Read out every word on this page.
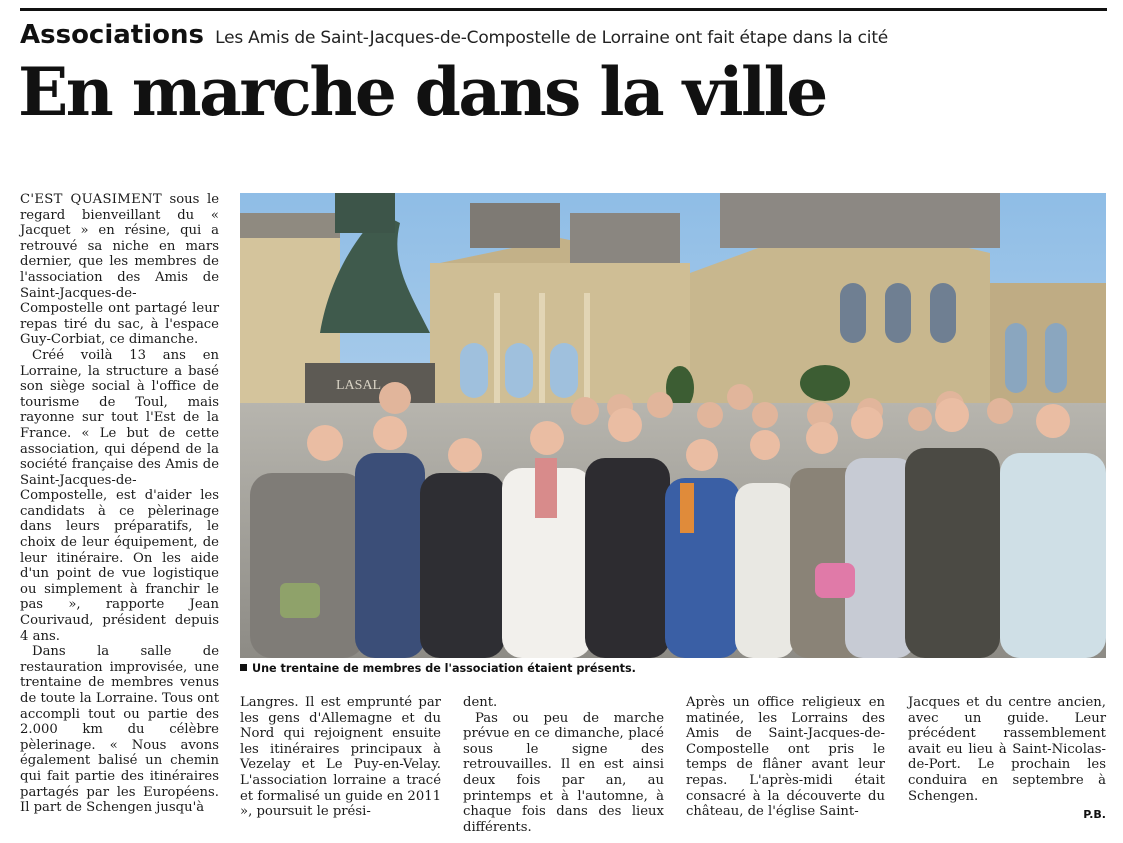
Associations Les Amis de Saint-Jacques-de-Compostelle de Lorraine ont fait étape dans la cité
En marche dans la ville

C'EST QUASIMENT sous le regard bienveillant du « Jacquet » en résine, qui a retrouvé sa niche en mars dernier, que les membres de l'association des Amis de Saint-Jacques-de-Compostelle ont partagé leur repas tiré du sac, à l'espace Guy-Corbiat, ce dimanche.

Créé voilà 13 ans en Lorraine, la structure a basé son siège social à l'office de tourisme de Toul, mais rayonne sur tout l'Est de la France. « Le but de cette association, qui dépend de la société française des Amis de Saint-Jacques-de-Compostelle, est d'aider les candidats à ce pèlerinage dans leurs préparatifs, le choix de leur équipement, de leur itinéraire. On les aide d'un point de vue logistique ou simplement à franchir le pas », rapporte Jean Courivaud, président depuis 4 ans.

Dans la salle de restauration improvisée, une trentaine de membres venus de toute la Lorraine. Tous ont accompli tout ou partie des 2.000 km du célèbre pèlerinage. « Nous avons également balisé un chemin qui fait partie des itinéraires partagés par les Européens. Il part de Schengen jusqu'à

LASAL
Une trentaine de membres de l'association étaient présents.

Langres. Il est emprunté par les gens d'Allemagne et du Nord qui rejoignent ensuite les itinéraires principaux à Vezelay et Le Puy-en-Velay. L'association lorraine a tracé et formalisé un guide en 2011 », poursuit le prési-

dent.

Pas ou peu de marche prévue en ce dimanche, placé sous le signe des retrouvailles. Il en est ainsi deux fois par an, au printemps et à l'automne, à chaque fois dans des lieux différents.

Après un office religieux en matinée, les Lorrains des Amis de Saint-Jacques-de-Compostelle ont pris le temps de flâner avant leur repas. L'après-midi était consacré à la découverte du château, de l'église Saint-

Jacques et du centre ancien, avec un guide. Leur précédent rassemblement avait eu lieu à Saint-Nicolas-de-Port. Le prochain les conduira en septembre à Schengen.

P.B.
